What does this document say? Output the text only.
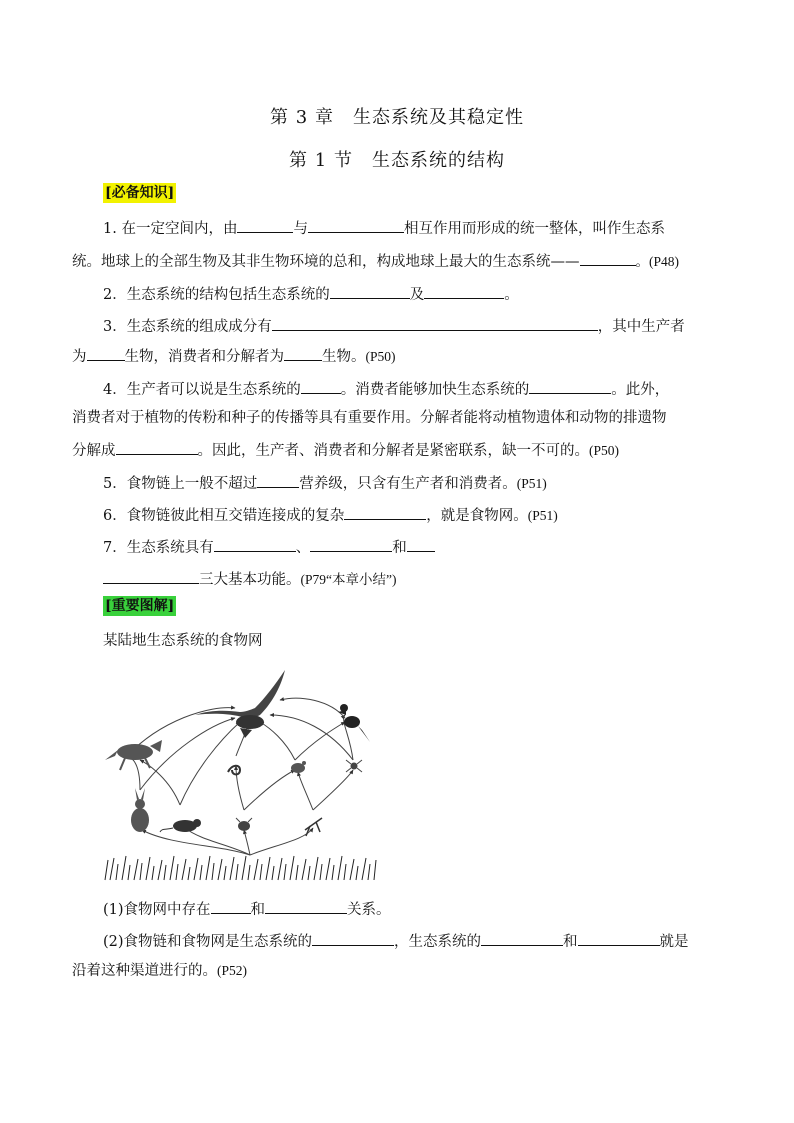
第 3 章　生态系统及其稳定性
第 1 节　生态系统的结构
[必备知识]
1. 在一定空间内，由	与	相互作用而形成的统一整体，叫作生态系
统。地球上的全部生物及其非生物环境的总和，构成地球上最大的生态系统——	。(P48)
2．生态系统的结构包括生态系统的	及	。
3．生态系统的组成成分有	，其中生产者
为	生物，消费者和分解者为	生物。(P50)
4．生产者可以说是生态系统的	。消费者能够加快生态系统的	。此外，
消费者对于植物的传粉和种子的传播等具有重要作用。分解者能将动植物遗体和动物的排遗物
分解成	。因此，生产者、消费者和分解者是紧密联系，缺一不可的。(P50)
5．食物链上一般不超过	营养级，只含有生产者和消费者。(P51)
6．食物链彼此相互交错连接成的复杂	，就是食物网。(P51)
7．生态系统具有	、	和
三大基本功能。(P79“本章小结”)
[重要图解]
某陆地生态系统的食物网
(1)食物网中存在	和	关系。
(2)食物链和食物网是生态系统的	，生态系统的	和	就是
沿着这种渠道进行的。(P52)
